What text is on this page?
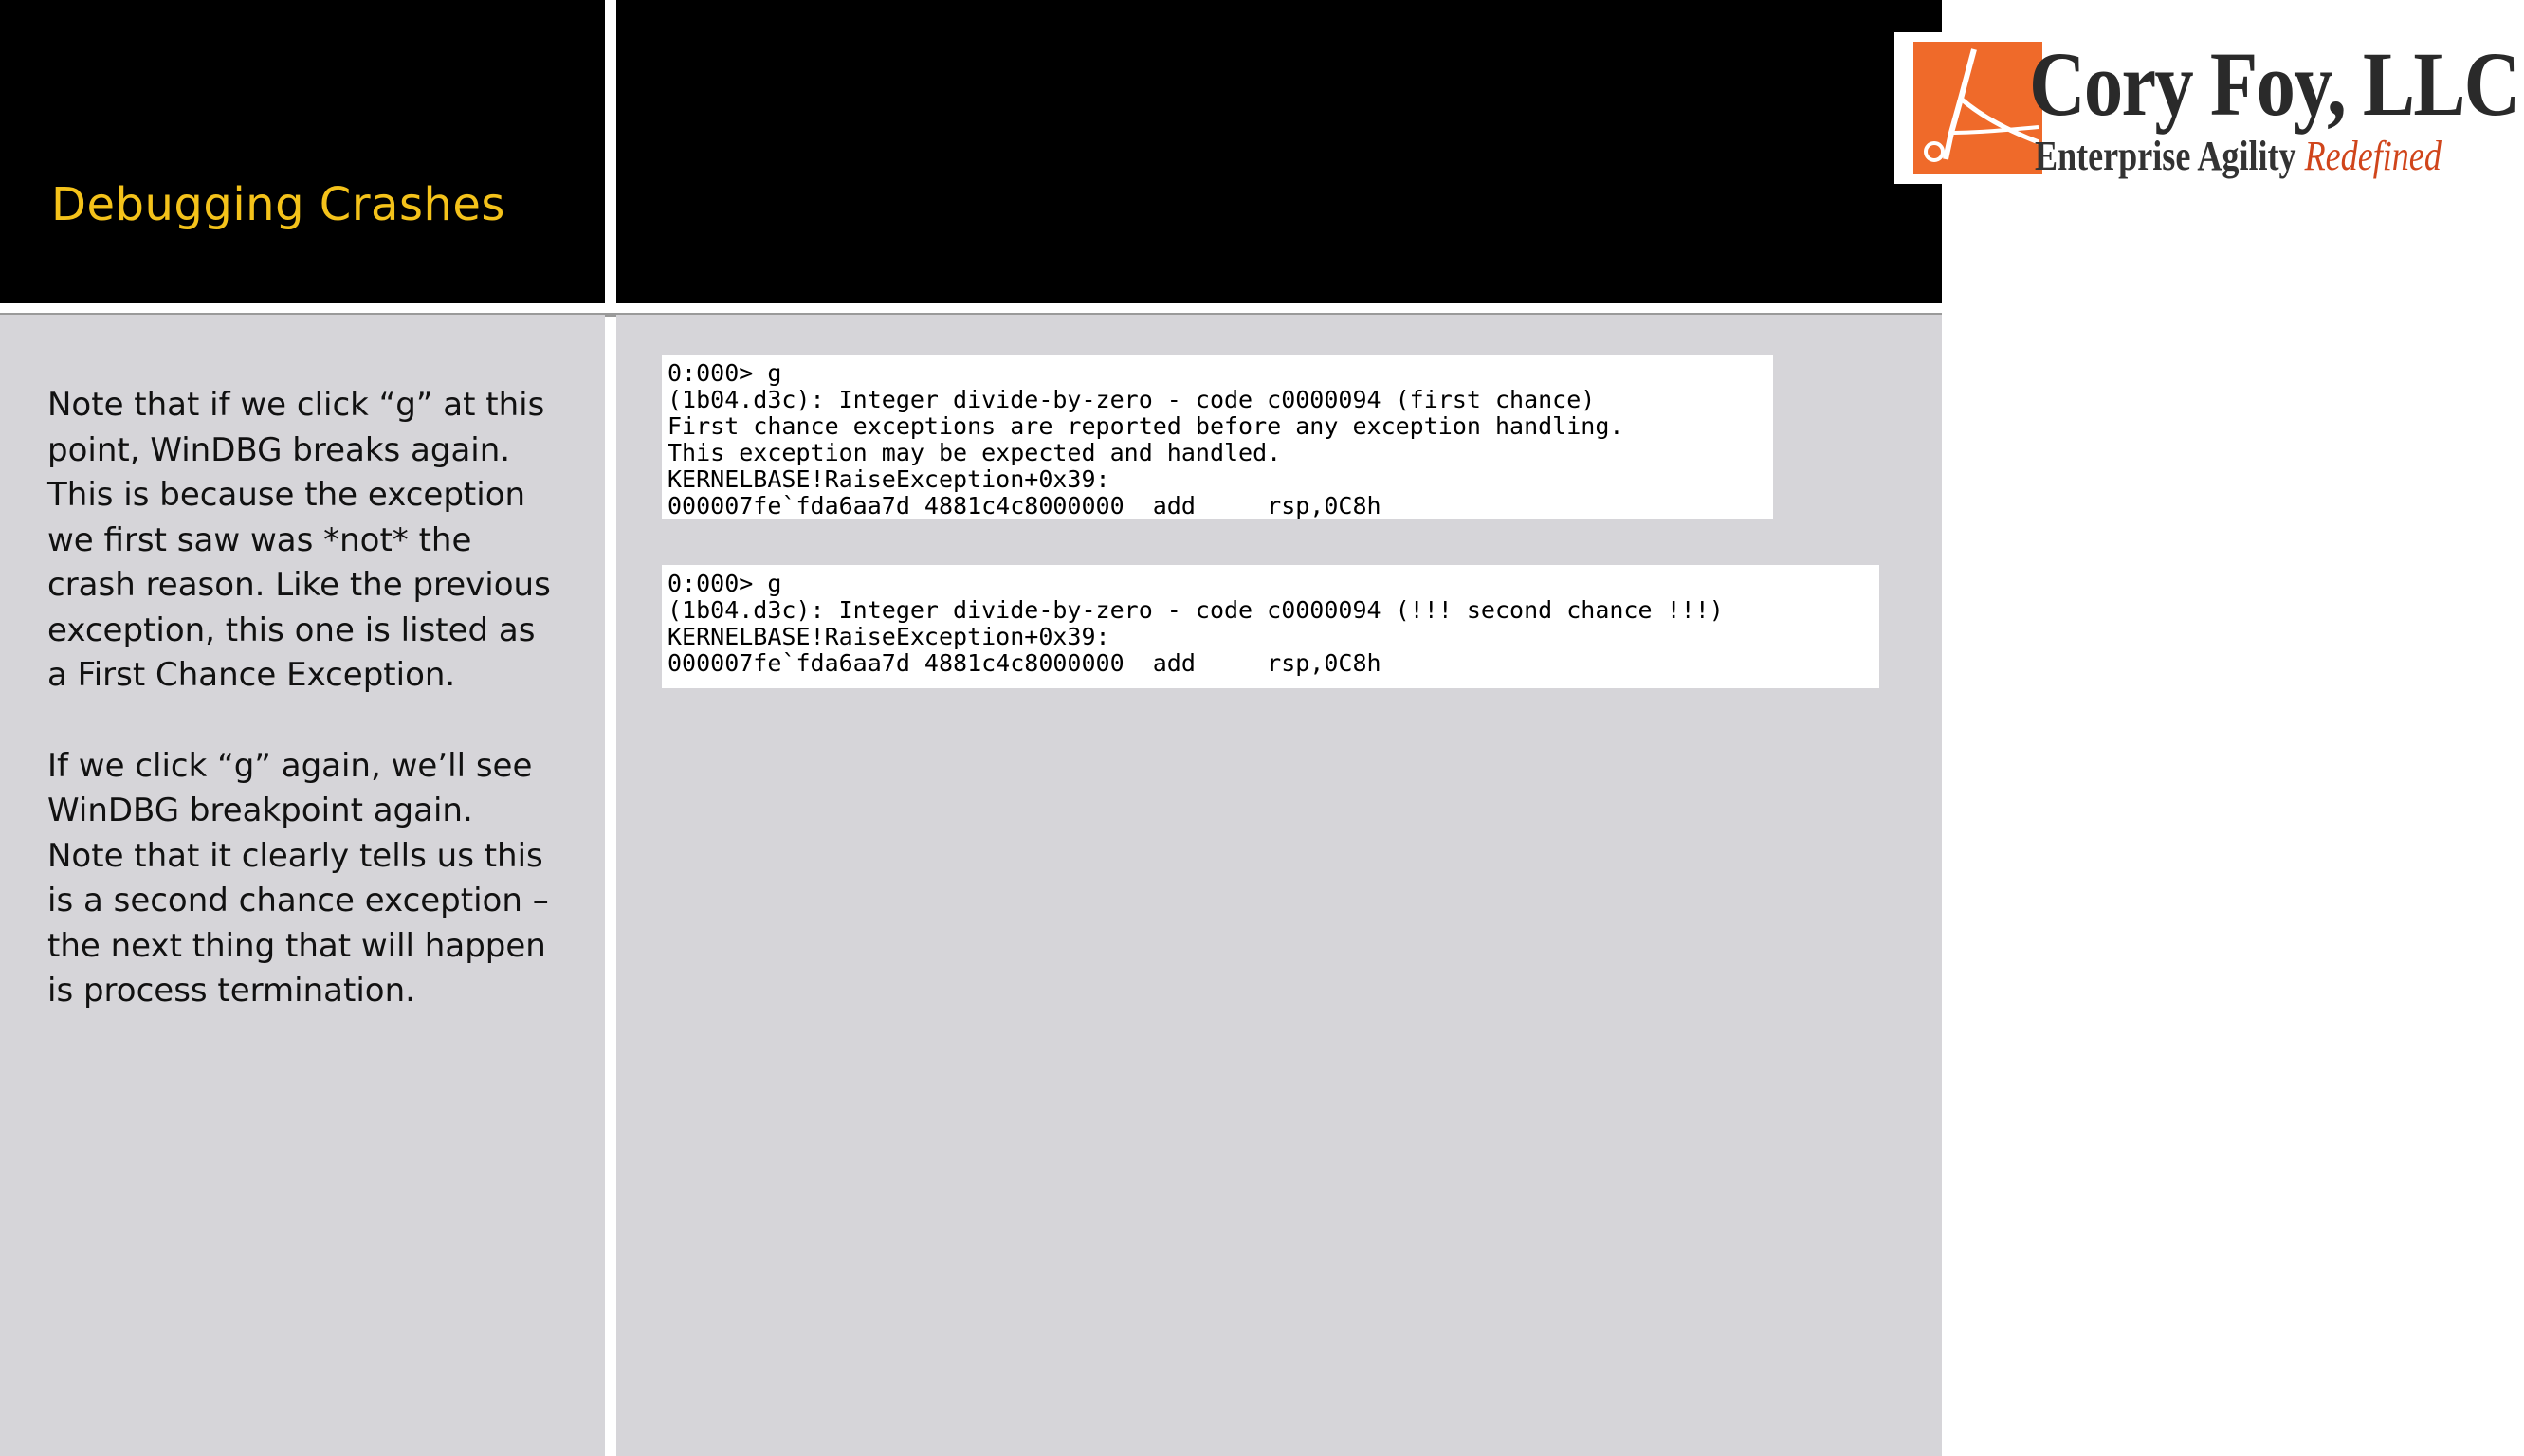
Debugging Crashes
Cory Foy, LLC
Enterprise Agility Redefined

Note that if we click “g” at this point, WinDBG breaks again. This is because the exception we first saw was *not* the crash reason. Like the previous exception, this one is listed as a First Chance Exception.

If we click “g” again, we’ll see WinDBG breakpoint again. Note that it clearly tells us this is a second chance exception – the next thing that will happen is process termination.

0:000> g
(1b04.d3c): Integer divide-by-zero - code c0000094 (first chance)
First chance exceptions are reported before any exception handling.
This exception may be expected and handled.
KERNELBASE!RaiseException+0x39:
000007fe`fda6aa7d 4881c4c8000000  add     rsp,0C8h
0:000> g
(1b04.d3c): Integer divide-by-zero - code c0000094 (!!! second chance !!!)
KERNELBASE!RaiseException+0x39:
000007fe`fda6aa7d 4881c4c8000000  add     rsp,0C8h
